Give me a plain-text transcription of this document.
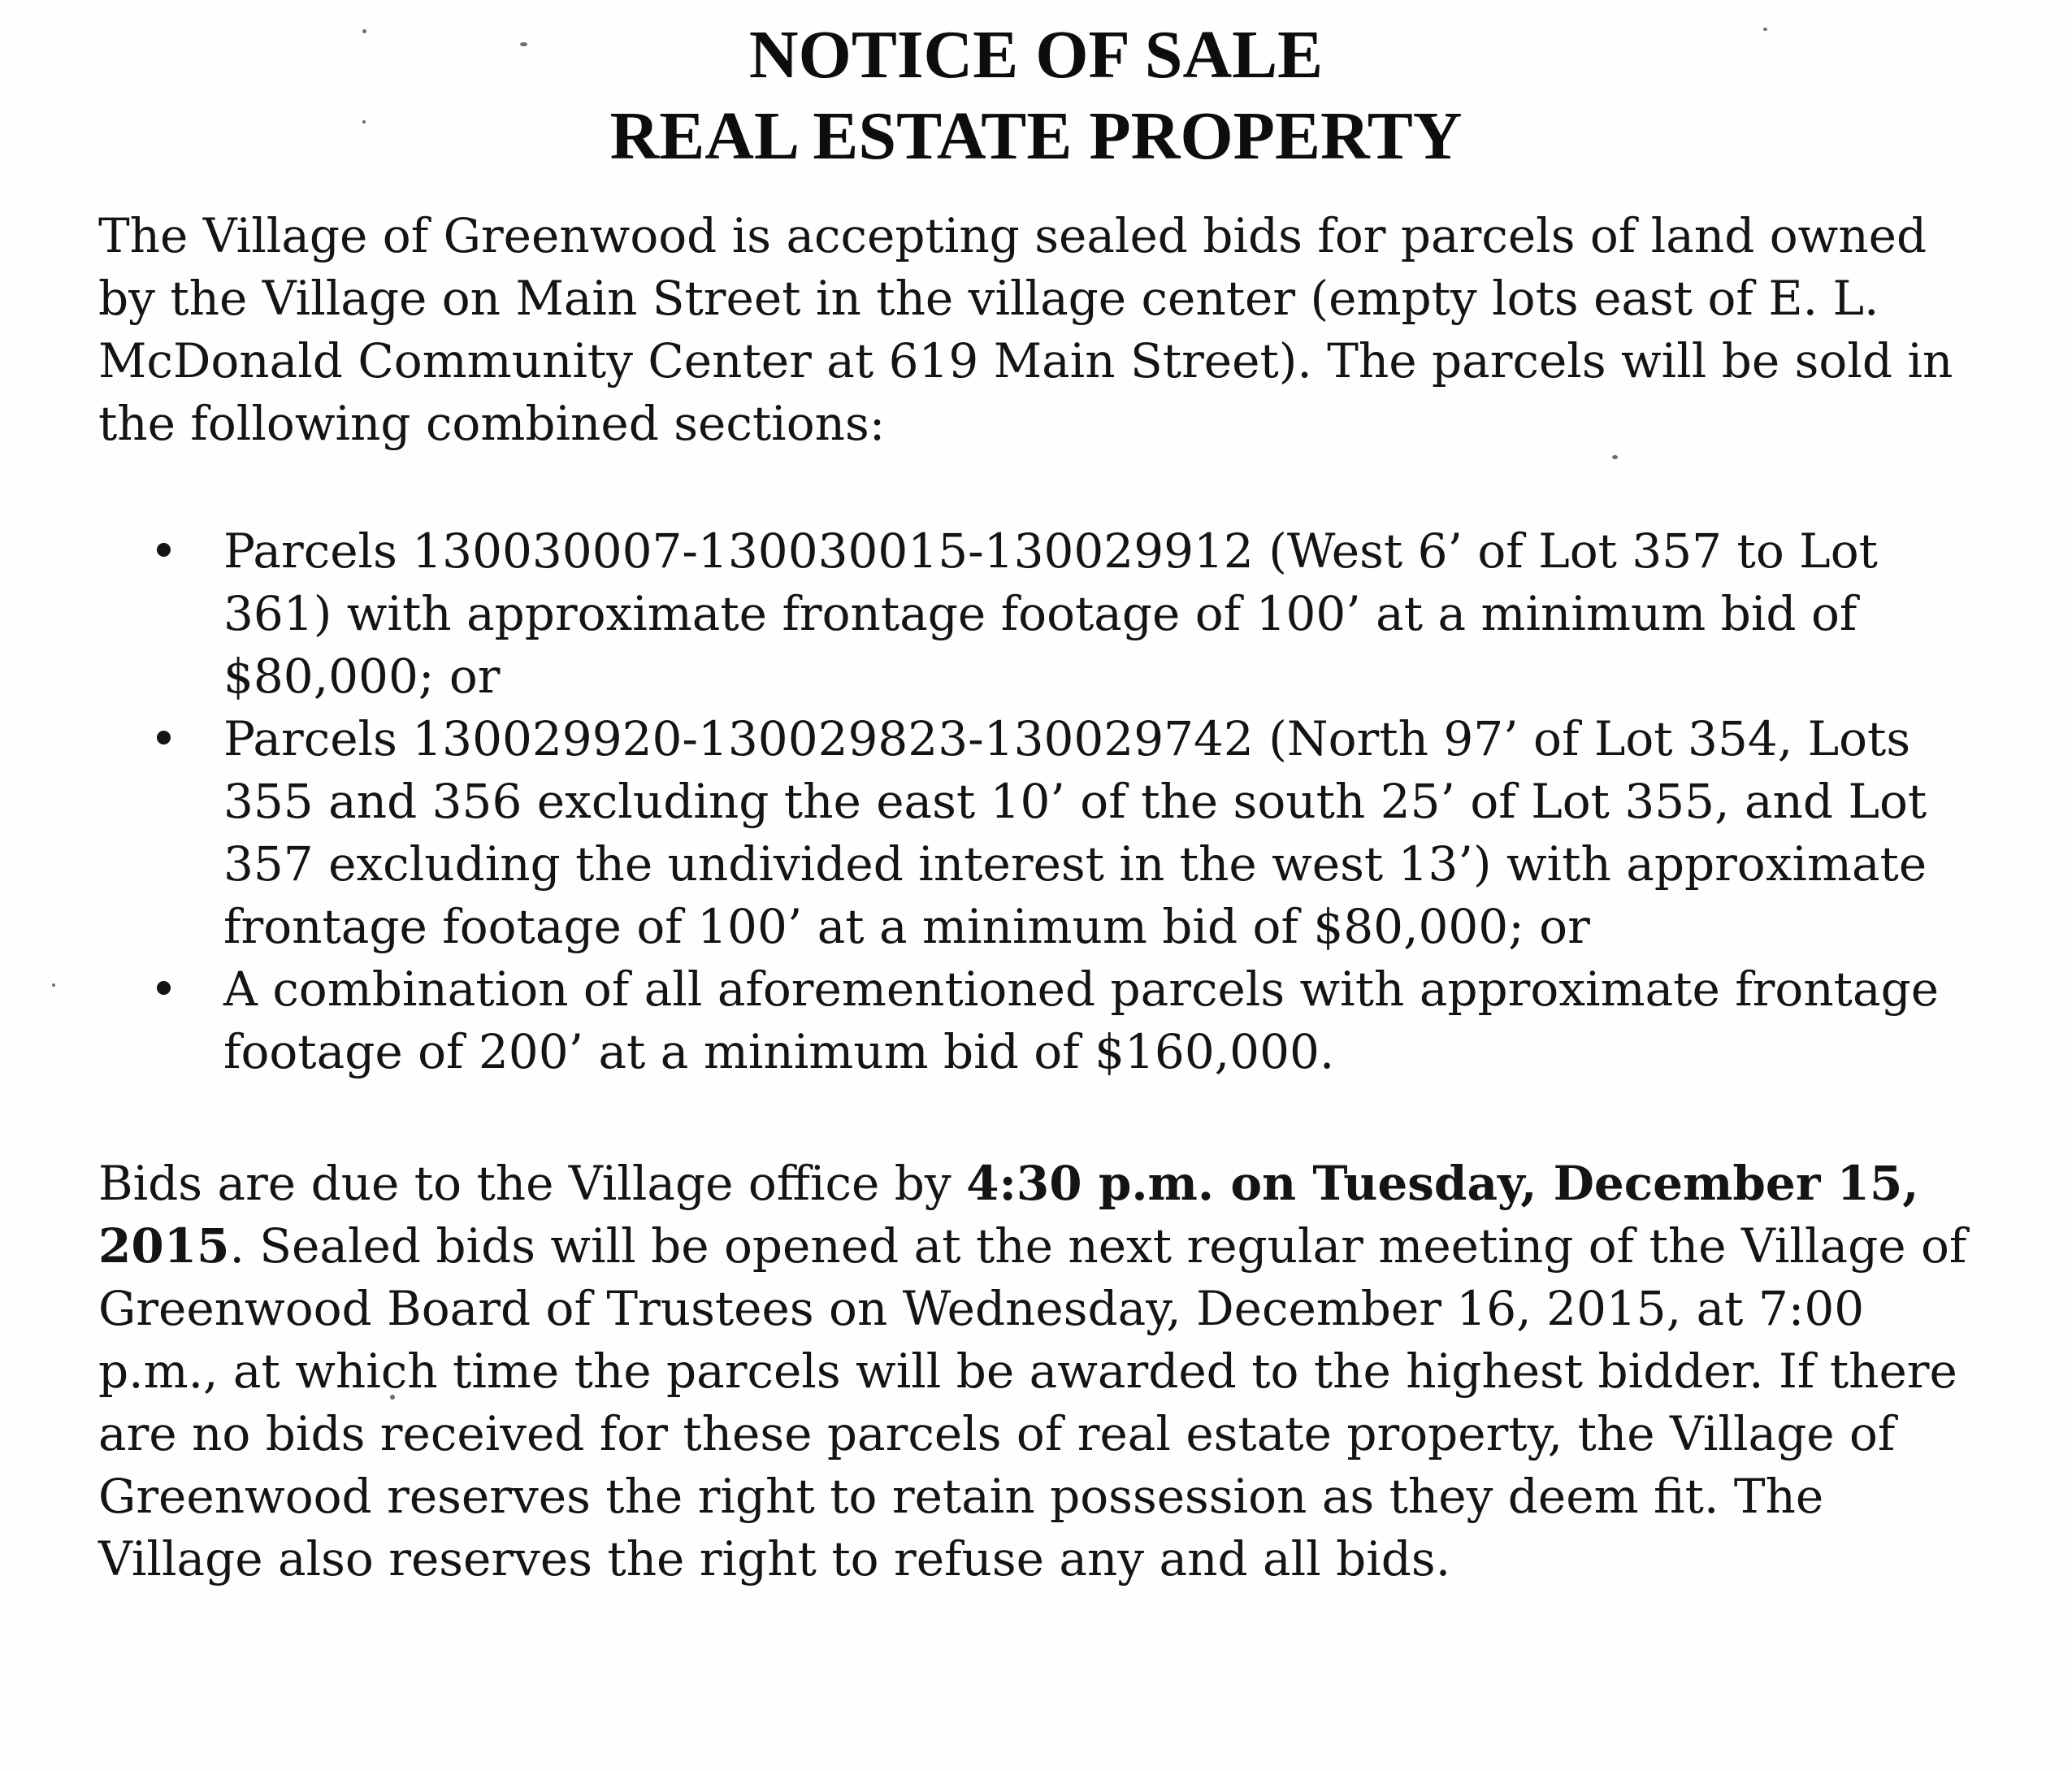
NOTICE OF SALE
REAL ESTATE PROPERTY

The Village of Greenwood is accepting sealed bids for parcels of land owned
by the Village on Main Street in the village center (empty lots east of E. L.
McDonald Community Center at 619 Main Street). The parcels will be sold in
the following combined sections:

Parcels 130030007-130030015-130029912 (West 6’ of Lot 357 to Lot
361) with approximate frontage footage of 100’ at a minimum bid of
$80,000; or
Parcels 130029920-130029823-130029742 (North 97’ of Lot 354, Lots
355 and 356 excluding the east 10’ of the south 25’ of Lot 355, and Lot
357 excluding the undivided interest in the west 13’) with approximate
frontage footage of 100’ at a minimum bid of $80,000; or
A combination of all aforementioned parcels with approximate frontage
footage of 200’ at a minimum bid of $160,000.

Bids are due to the Village office by 4:30 p.m. on Tuesday, December 15,
2015. Sealed bids will be opened at the next regular meeting of the Village of
Greenwood Board of Trustees on Wednesday, December 16, 2015, at 7:00
p.m., at which time the parcels will be awarded to the highest bidder. If there
are no bids received for these parcels of real estate property, the Village of
Greenwood reserves the right to retain possession as they deem fit. The
Village also reserves the right to refuse any and all bids.
